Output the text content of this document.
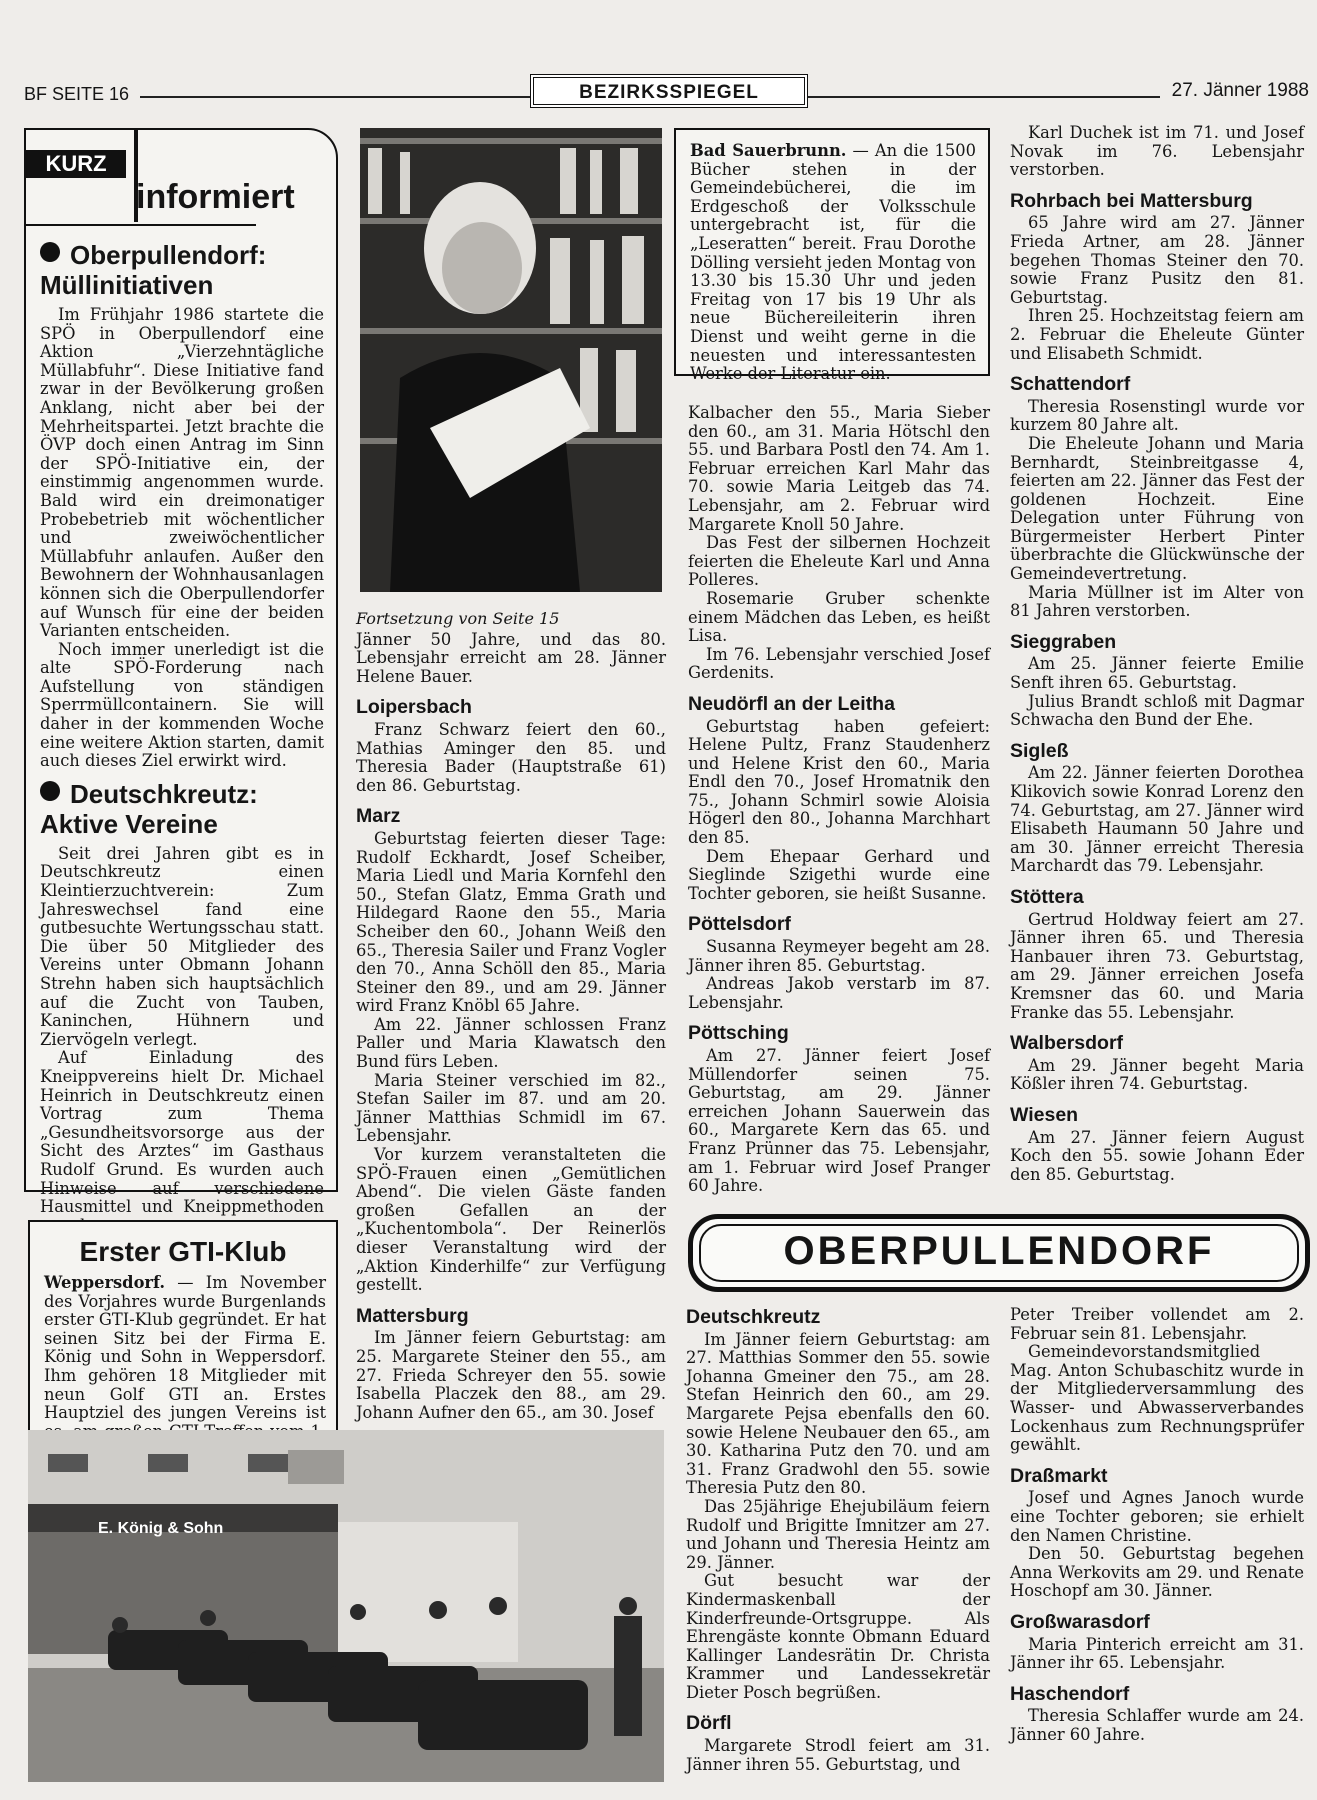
BF SEITE 16	BEZIRKSSPIEGEL	27. Jänner 1988
KURZ
informiert
Oberpullendorf:
Müllinitiativen

Im Frühjahr 1986 startete die SPÖ in Oberpullendorf eine Aktion „Vierzehntägliche Müllabfuhr“. Diese Initiative fand zwar in der Bevölkerung großen Anklang, nicht aber bei der Mehrheitspartei. Jetzt brachte die ÖVP doch einen Antrag im Sinn der SPÖ-Initiative ein, der einstimmig angenommen wurde. Bald wird ein dreimonatiger Probebetrieb mit wöchentlicher und zweiwöchentlicher Müllabfuhr anlaufen. Außer den Bewohnern der Wohnhausanlagen können sich die Oberpullendorfer auf Wunsch für eine der beiden Varianten entscheiden.

Noch immer unerledigt ist die alte SPÖ-Forderung nach Aufstellung von ständigen Sperrmüllcontainern. Sie will daher in der kommenden Woche eine weitere Aktion starten, damit auch dieses Ziel erwirkt wird.

Deutschkreutz:
Aktive Vereine

Seit drei Jahren gibt es in Deutschkreutz einen Kleintierzuchtverein: Zum Jahreswechsel fand eine gutbesuchte Wertungsschau statt. Die über 50 Mitglieder des Vereins unter Obmann Johann Strehn haben sich hauptsächlich auf die Zucht von Tauben, Kaninchen, Hühnern und Ziervögeln verlegt.

Auf Einladung des Kneippvereins hielt Dr. Michael Heinrich in Deutschkreutz einen Vortrag zum Thema „Gesundheitsvorsorge aus der Sicht des Arztes“ im Gasthaus Rudolf Grund. Es wurden auch Hinweise auf verschiedene Hausmittel und Kneippmethoden

Erster GTI-Klub

Weppersdorf. — Im November des Vorjahres wurde Burgenlands erster GTI-Klub gegründet. Er hat seinen Sitz bei der Firma E. König und Sohn in Weppersdorf. Ihm gehören 18 Mitglieder mit neun Golf GTI an. Erstes Hauptziel des jungen Vereins ist

E. König & Sohn

Bad Sauerbrunn. — An die 1500 Bücher stehen in der Gemeindebücherei, die im Erdgeschoß der Volksschule untergebracht ist, für die „Leseratten“ bereit. Frau Dorothe Dölling versieht jeden Montag von 13.30 bis 15.30 Uhr und jeden Freitag von 17 bis 19 Uhr als neue Büchereileiterin ihren Dienst und weiht gerne in die neuesten und interessantesten Werke der Literatur ein.

Fortsetzung von Seite 15

Jänner 50 Jahre, und das 80. Lebensjahr erreicht am 28. Jänner Helene Bauer.

Loipersbach

Franz Schwarz feiert den 60., Mathias Aminger den 85. und Theresia Bader (Hauptstraße 61) den 86. Geburtstag.

Marz

Geburtstag feierten dieser Tage: Rudolf Eckhardt, Josef Scheiber, Maria Liedl und Maria Kornfehl den 50., Stefan Glatz, Emma Grath und Hildegard Raone den 55., Maria Scheiber den 60., Johann Weiß den 65., Theresia Sailer und Franz Vogler den 70., Anna Schöll den 85., Maria Steiner den 89., und am 29. Jänner wird Franz Knöbl 65 Jahre.

Am 22. Jänner schlossen Franz Paller und Maria Klawatsch den Bund fürs Leben.

Maria Steiner verschied im 82., Stefan Sailer im 87. und am 20. Jänner Matthias Schmidl im 67. Lebensjahr.

Vor kurzem veranstalteten die SPÖ-Frauen einen „Gemütlichen Abend“. Die vielen Gäste fanden großen Gefallen an der „Kuchentombola“. Der Reinerlös dieser Veranstaltung wird der „Aktion Kinderhilfe“ zur Verfügung gestellt.

Mattersburg

Im Jänner feiern Geburtstag: am 25. Margarete Steiner den 55., am 27. Frieda Schreyer den 55. sowie Isabella Placzek den 88., am 29. Johann Aufner den 65., am 30. Josef

Kalbacher den 55., Maria Sieber den 60., am 31. Maria Hötschl den 55. und Barbara Postl den 74. Am 1. Februar erreichen Karl Mahr das 70. sowie Maria Leitgeb das 74. Lebensjahr, am 2. Februar wird Margarete Knoll 50 Jahre.

Das Fest der silbernen Hochzeit feierten die Eheleute Karl und Anna Polleres.

Rosemarie Gruber schenkte einem Mädchen das Leben, es heißt Lisa.

Im 76. Lebensjahr verschied Josef Gerdenits.

Neudörfl an der Leitha

Geburtstag haben gefeiert: Helene Pultz, Franz Staudenherz und Helene Krist den 60., Maria Endl den 70., Josef Hromatnik den 75., Johann Schmirl sowie Aloisia Högerl den 80., Johanna Marchhart den 85.

Dem Ehepaar Gerhard und Sieglinde Szigethi wurde eine Tochter geboren, sie heißt Susanne.

Pöttelsdorf

Susanna Reymeyer begeht am 28. Jänner ihren 85. Geburtstag.

Andreas Jakob verstarb im 87. Lebensjahr.

Pöttsching

Am 27. Jänner feiert Josef Müllendorfer seinen 75. Geburtstag, am 29. Jänner erreichen Johann Sauerwein das 60., Margarete Kern das 65. und Franz Prünner das 75. Lebensjahr, am 1. Februar wird Josef Pranger 60 Jahre.

Karl Duchek ist im 71. und Josef Novak im 76. Lebensjahr verstorben.

Rohrbach bei Mattersburg

65 Jahre wird am 27. Jänner Frieda Artner, am 28. Jänner begehen Thomas Steiner den 70. sowie Franz Pusitz den 81. Geburtstag.

Ihren 25. Hochzeitstag feiern am 2. Februar die Eheleute Günter und Elisabeth Schmidt.

Schattendorf

Theresia Rosenstingl wurde vor kurzem 80 Jahre alt.

Die Eheleute Johann und Maria Bernhardt, Steinbreitgasse 4, feierten am 22. Jänner das Fest der goldenen Hochzeit. Eine Delegation unter Führung von Bürgermeister Herbert Pinter überbrachte die Glückwünsche der Gemeindevertretung.

Maria Müllner ist im Alter von 81 Jahren verstorben.

Sieggraben

Am 25. Jänner feierte Emilie Senft ihren 65. Geburtstag.

Julius Brandt schloß mit Dagmar Schwacha den Bund der Ehe.

Sigleß

Am 22. Jänner feierten Dorothea Klikovich sowie Konrad Lorenz den 74. Geburtstag, am 27. Jänner wird Elisabeth Haumann 50 Jahre und am 30. Jänner erreicht Theresia Marchardt das 79. Lebensjahr.

Stöttera

Gertrud Holdway feiert am 27. Jänner ihren 65. und Theresia Hanbauer ihren 73. Geburtstag, am 29. Jänner erreichen Josefa Kremsner das 60. und Maria Franke das 55. Lebensjahr.

Walbersdorf

Am 29. Jänner begeht Maria Kößler ihren 74. Geburtstag.

Wiesen

Am 27. Jänner feiern August Koch den 55. sowie Johann Eder den 85. Geburtstag.

OBERPULLENDORF
Deutschkreutz

Im Jänner feiern Geburtstag: am 27. Matthias Sommer den 55. sowie Johanna Gmeiner den 75., am 28. Stefan Heinrich den 60., am 29. Margarete Pejsa ebenfalls den 60. sowie Helene Neubauer den 65., am 30. Katharina Putz den 70. und am 31. Franz Gradwohl den 55. sowie Theresia Putz den 80.

Das 25jährige Ehejubiläum feiern Rudolf und Brigitte Imnitzer am 27. und Johann und Theresia Heintz am 29. Jänner.

Gut besucht war der Kindermaskenball der Kinderfreunde-Ortsgruppe. Als Ehrengäste konnte Obmann Eduard Kallinger Landesrätin Dr. Christa Krammer und Landessekretär Dieter Posch begrüßen.

Dörfl

Margarete Strodl feiert am 31. Jänner ihren 55. Geburtstag, und

Peter Treiber vollendet am 2. Februar sein 81. Lebensjahr.

Gemeindevorstandsmitglied Mag. Anton Schubaschitz wurde in der Mitgliederversammlung des Wasser- und Abwasserverbandes Lockenhaus zum Rechnungsprüfer gewählt.

Draßmarkt

Josef und Agnes Janoch wurde eine Tochter geboren; sie erhielt den Namen Christine.

Den 50. Geburtstag begehen Anna Werkovits am 29. und Renate Hoschopf am 30. Jänner.

Großwarasdorf

Maria Pinterich erreicht am 31. Jänner ihr 65. Lebensjahr.

Haschendorf

Theresia Schlaffer wurde am 24. Jänner 60 Jahre.
